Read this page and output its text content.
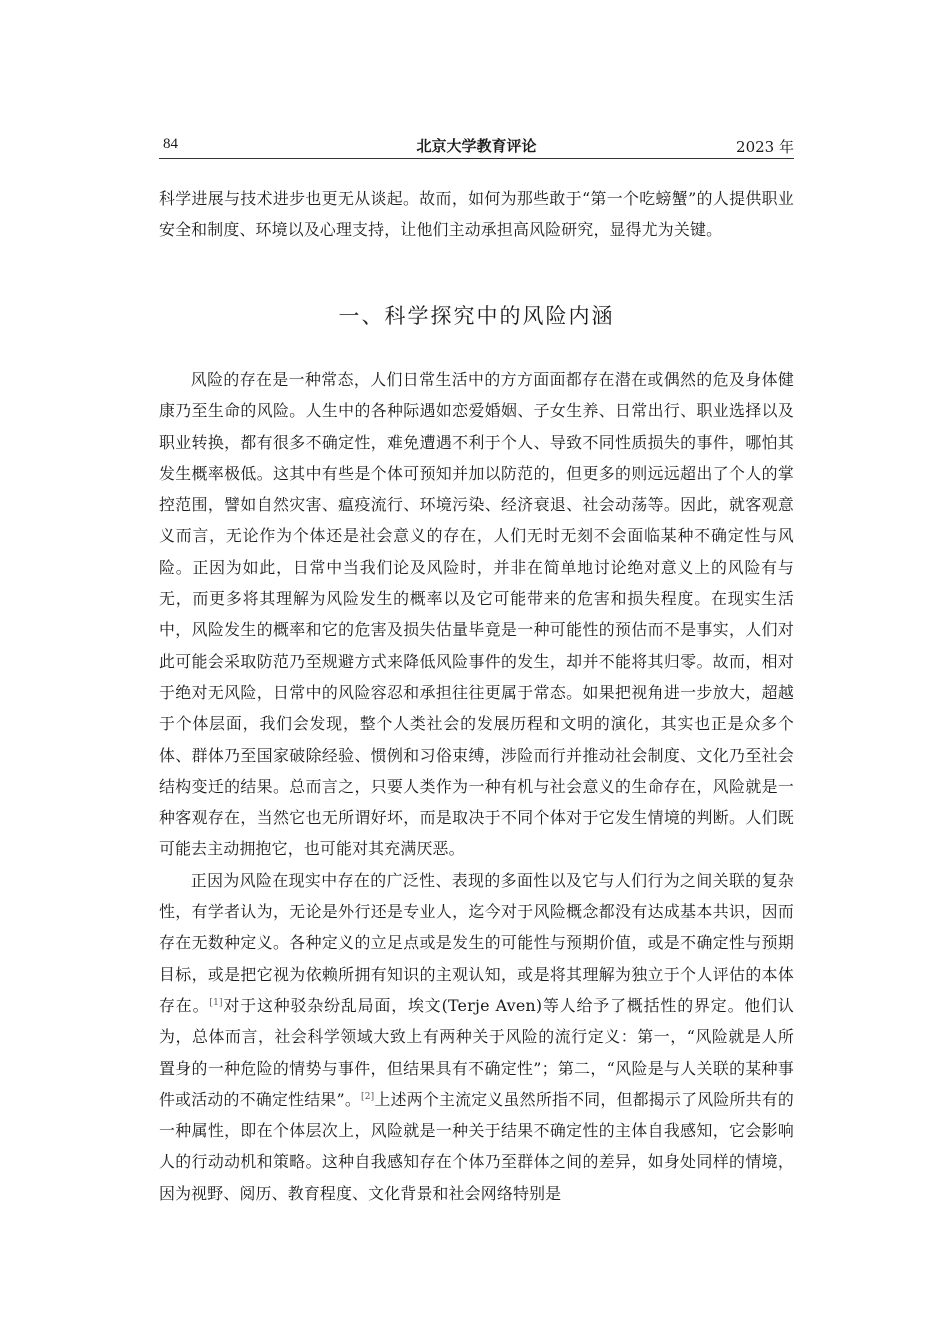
84	北京大学教育评论	2023 年

科学进展与技术进步也更无从谈起。故而，如何为那些敢于“第一个吃螃蟹”的人提供职业安全和制度、环境以及心理支持，让他们主动承担高风险研究，显得尤为关键。

一、科学探究中的风险内涵

风险的存在是一种常态，人们日常生活中的方方面面都存在潜在或偶然的危及身体健康乃至生命的风险。人生中的各种际遇如恋爱婚姻、子女生养、日常出行、职业选择以及职业转换，都有很多不确定性，难免遭遇不利于个人、导致不同性质损失的事件，哪怕其发生概率极低。这其中有些是个体可预知并加以防范的，但更多的则远远超出了个人的掌控范围，譬如自然灾害、瘟疫流行、环境污染、经济衰退、社会动荡等。因此，就客观意义而言，无论作为个体还是社会意义的存在，人们无时无刻不会面临某种不确定性与风险。正因为如此，日常中当我们论及风险时，并非在简单地讨论绝对意义上的风险有与无，而更多将其理解为风险发生的概率以及它可能带来的危害和损失程度。在现实生活中，风险发生的概率和它的危害及损失估量毕竟是一种可能性的预估而不是事实，人们对此可能会采取防范乃至规避方式来降低风险事件的发生，却并不能将其归零。故而，相对于绝对无风险，日常中的风险容忍和承担往往更属于常态。如果把视角进一步放大，超越于个体层面，我们会发现，整个人类社会的发展历程和文明的演化，其实也正是众多个体、群体乃至国家破除经验、惯例和习俗束缚，涉险而行并推动社会制度、文化乃至社会结构变迁的结果。总而言之，只要人类作为一种有机与社会意义的生命存在，风险就是一种客观存在，当然它也无所谓好坏，而是取决于不同个体对于它发生情境的判断。人们既可能去主动拥抱它，也可能对其充满厌恶。

正因为风险在现实中存在的广泛性、表现的多面性以及它与人们行为之间关联的复杂性，有学者认为，无论是外行还是专业人，迄今对于风险概念都没有达成基本共识，因而存在无数种定义。各种定义的立足点或是发生的可能性与预期价值，或是不确定性与预期目标，或是把它视为依赖所拥有知识的主观认知，或是将其理解为独立于个人评估的本体存在。[1]对于这种驳杂纷乱局面，埃文(Terje Aven)等人给予了概括性的界定。他们认为，总体而言，社会科学领域大致上有两种关于风险的流行定义：第一，“风险就是人所置身的一种危险的情势与事件，但结果具有不确定性”；第二，“风险是与人关联的某种事件或活动的不确定性结果”。[2]上述两个主流定义虽然所指不同，但都揭示了风险所共有的一种属性，即在个体层次上，风险就是一种关于结果不确定性的主体自我感知，它会影响人的行动动机和策略。这种自我感知存在个体乃至群体之间的差异，如身处同样的情境，因为视野、阅历、教育程度、文化背景和社会网络特别是
